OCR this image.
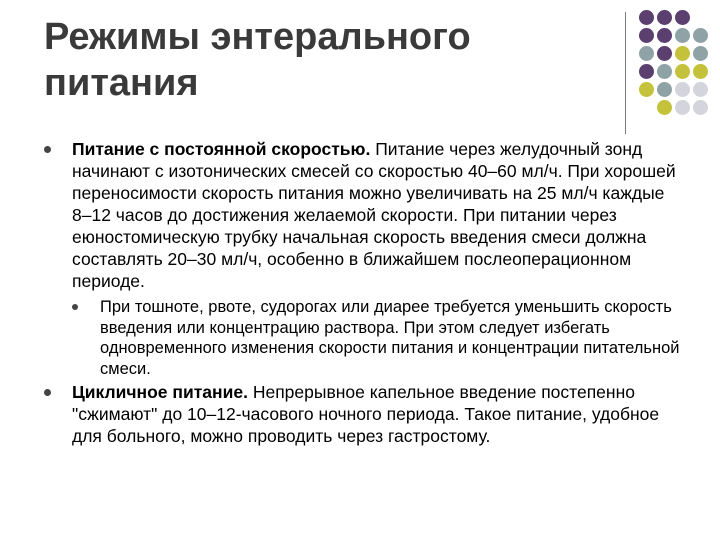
Режимы энтерального
питания
Питание с постоянной скоростью. Питание через желудочный зонд начинают с изотонических смесей со скоростью 40–60 мл/ч. При хорошей переносимости скорость питания можно увеличивать на 25 мл/ч каждые 8–12 часов до достижения желаемой скорости. При питании через еюностомическую трубку начальная скорость введения смеси должна составлять 20–30 мл/ч, особенно в ближайшем послеоперационном периоде.
При тошноте, рвоте, судорогах или диарее требуется уменьшить скорость введения или концентрацию раствора. При этом следует избегать одновременного изменения скорости питания и концентрации питательной смеси.
Цикличное питание. Непрерывное капельное введение постепенно "сжимают" до 10–12-часового ночного периода. Такое питание, удобное для больного, можно проводить через гастростому.
